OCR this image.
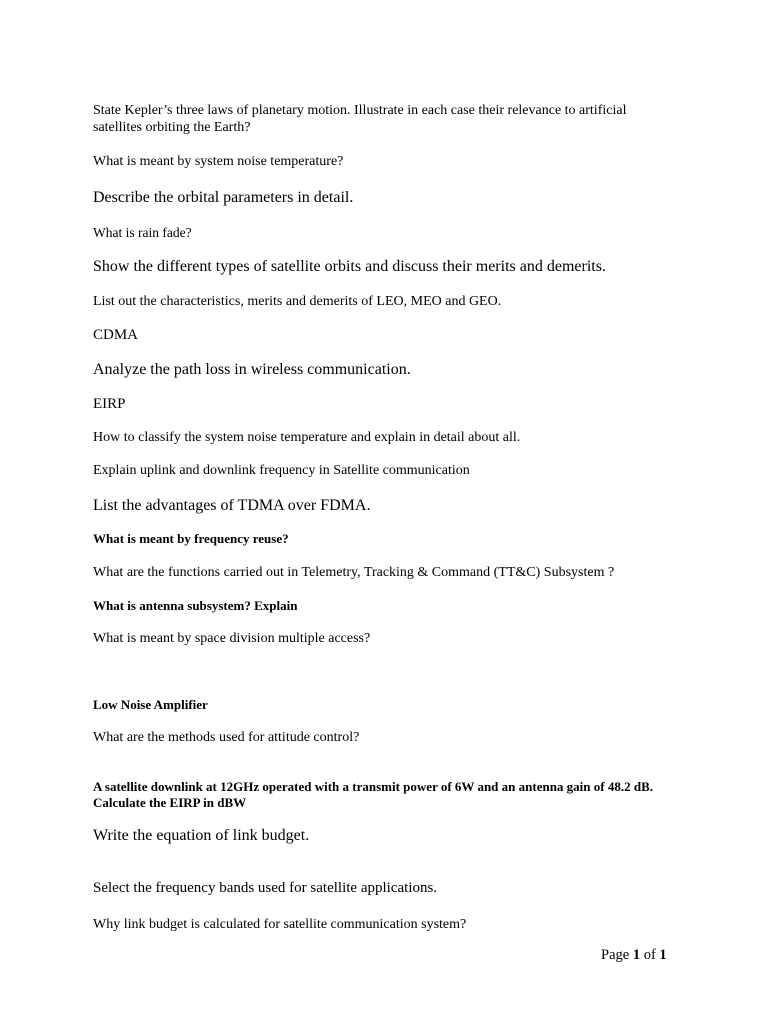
State Kepler’s three laws of planetary motion. Illustrate in each case their relevance to artificial satellites orbiting the Earth?

What is meant by system noise temperature?

Describe the orbital parameters in detail.

What is rain fade?

Show the different types of satellite orbits and discuss their merits and demerits.

List out the characteristics, merits and demerits of LEO, MEO and GEO.

CDMA

Analyze the path loss in wireless communication.

EIRP

How to classify the system noise temperature and explain in detail about all.

Explain uplink and downlink frequency in Satellite communication

List the advantages of TDMA over FDMA.

What is meant by frequency reuse?

What are the functions carried out in Telemetry, Tracking & Command (TT&C) Subsystem ?

What is antenna subsystem? Explain

What is meant by space division multiple access?

Low Noise Amplifier

What are the methods used for attitude control?

A satellite downlink at 12GHz operated with a transmit power of 6W and an antenna gain of 48.2 dB. Calculate the EIRP in dBW

Write the equation of link budget.

Select the frequency bands used for satellite applications.

Why link budget is calculated for satellite communication system?

Page 1 of 1
